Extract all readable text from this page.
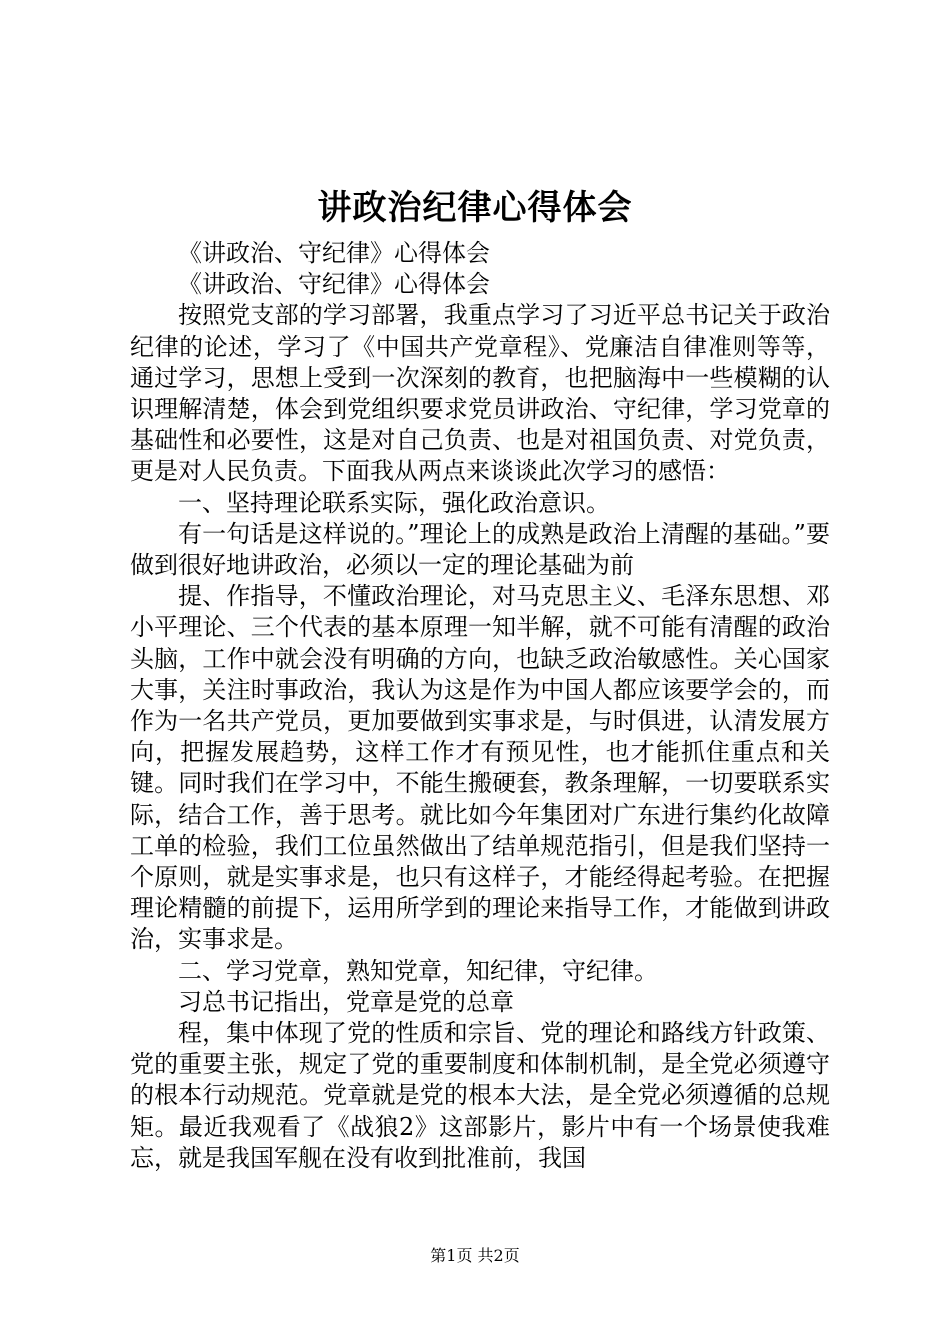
讲政治纪律心得体会

《讲政治、守纪律》心得体会

《讲政治、守纪律》心得体会

按照党支部的学习部署，我重点学习了习近平总书记关于政治纪律的论述，学习了《中国共产党章程》、党廉洁自律准则等等，通过学习，思想上受到一次深刻的教育，也把脑海中一些模糊的认识理解清楚，体会到党组织要求党员讲政治、守纪律，学习党章的基础性和必要性，这是对自己负责、也是对祖国负责、对党负责，更是对人民负责。下面我从两点来谈谈此次学习的感悟：

一、坚持理论联系实际，强化政治意识。

有一句话是这样说的。”理论上的成熟是政治上清醒的基础。”要做到很好地讲政治，必须以一定的理论基础为前

提、作指导，不懂政治理论，对马克思主义、毛泽东思想、邓小平理论、三个代表的基本原理一知半解，就不可能有清醒的政治头脑，工作中就会没有明确的方向，也缺乏政治敏感性。关心国家大事，关注时事政治，我认为这是作为中国人都应该要学会的，而作为一名共产党员，更加要做到实事求是，与时俱进，认清发展方向，把握发展趋势，这样工作才有预见性，也才能抓住重点和关键。同时我们在学习中，不能生搬硬套，教条理解，一切要联系实际，结合工作，善于思考。就比如今年集团对广东进行集约化故障工单的检验，我们工位虽然做出了结单规范指引，但是我们坚持一个原则，就是实事求是，也只有这样子，才能经得起考验。在把握理论精髓的前提下，运用所学到的理论来指导工作，才能做到讲政治，实事求是。

二、学习党章，熟知党章，知纪律，守纪律。

习总书记指出，党章是党的总章

程，集中体现了党的性质和宗旨、党的理论和路线方针政策、党的重要主张，规定了党的重要制度和体制机制，是全党必须遵守的根本行动规范。党章就是党的根本大法，是全党必须遵循的总规矩。最近我观看了《战狼2》这部影片，影片中有一个场景使我难忘，就是我国军舰在没有收到批准前，我国

第1页 共2页
